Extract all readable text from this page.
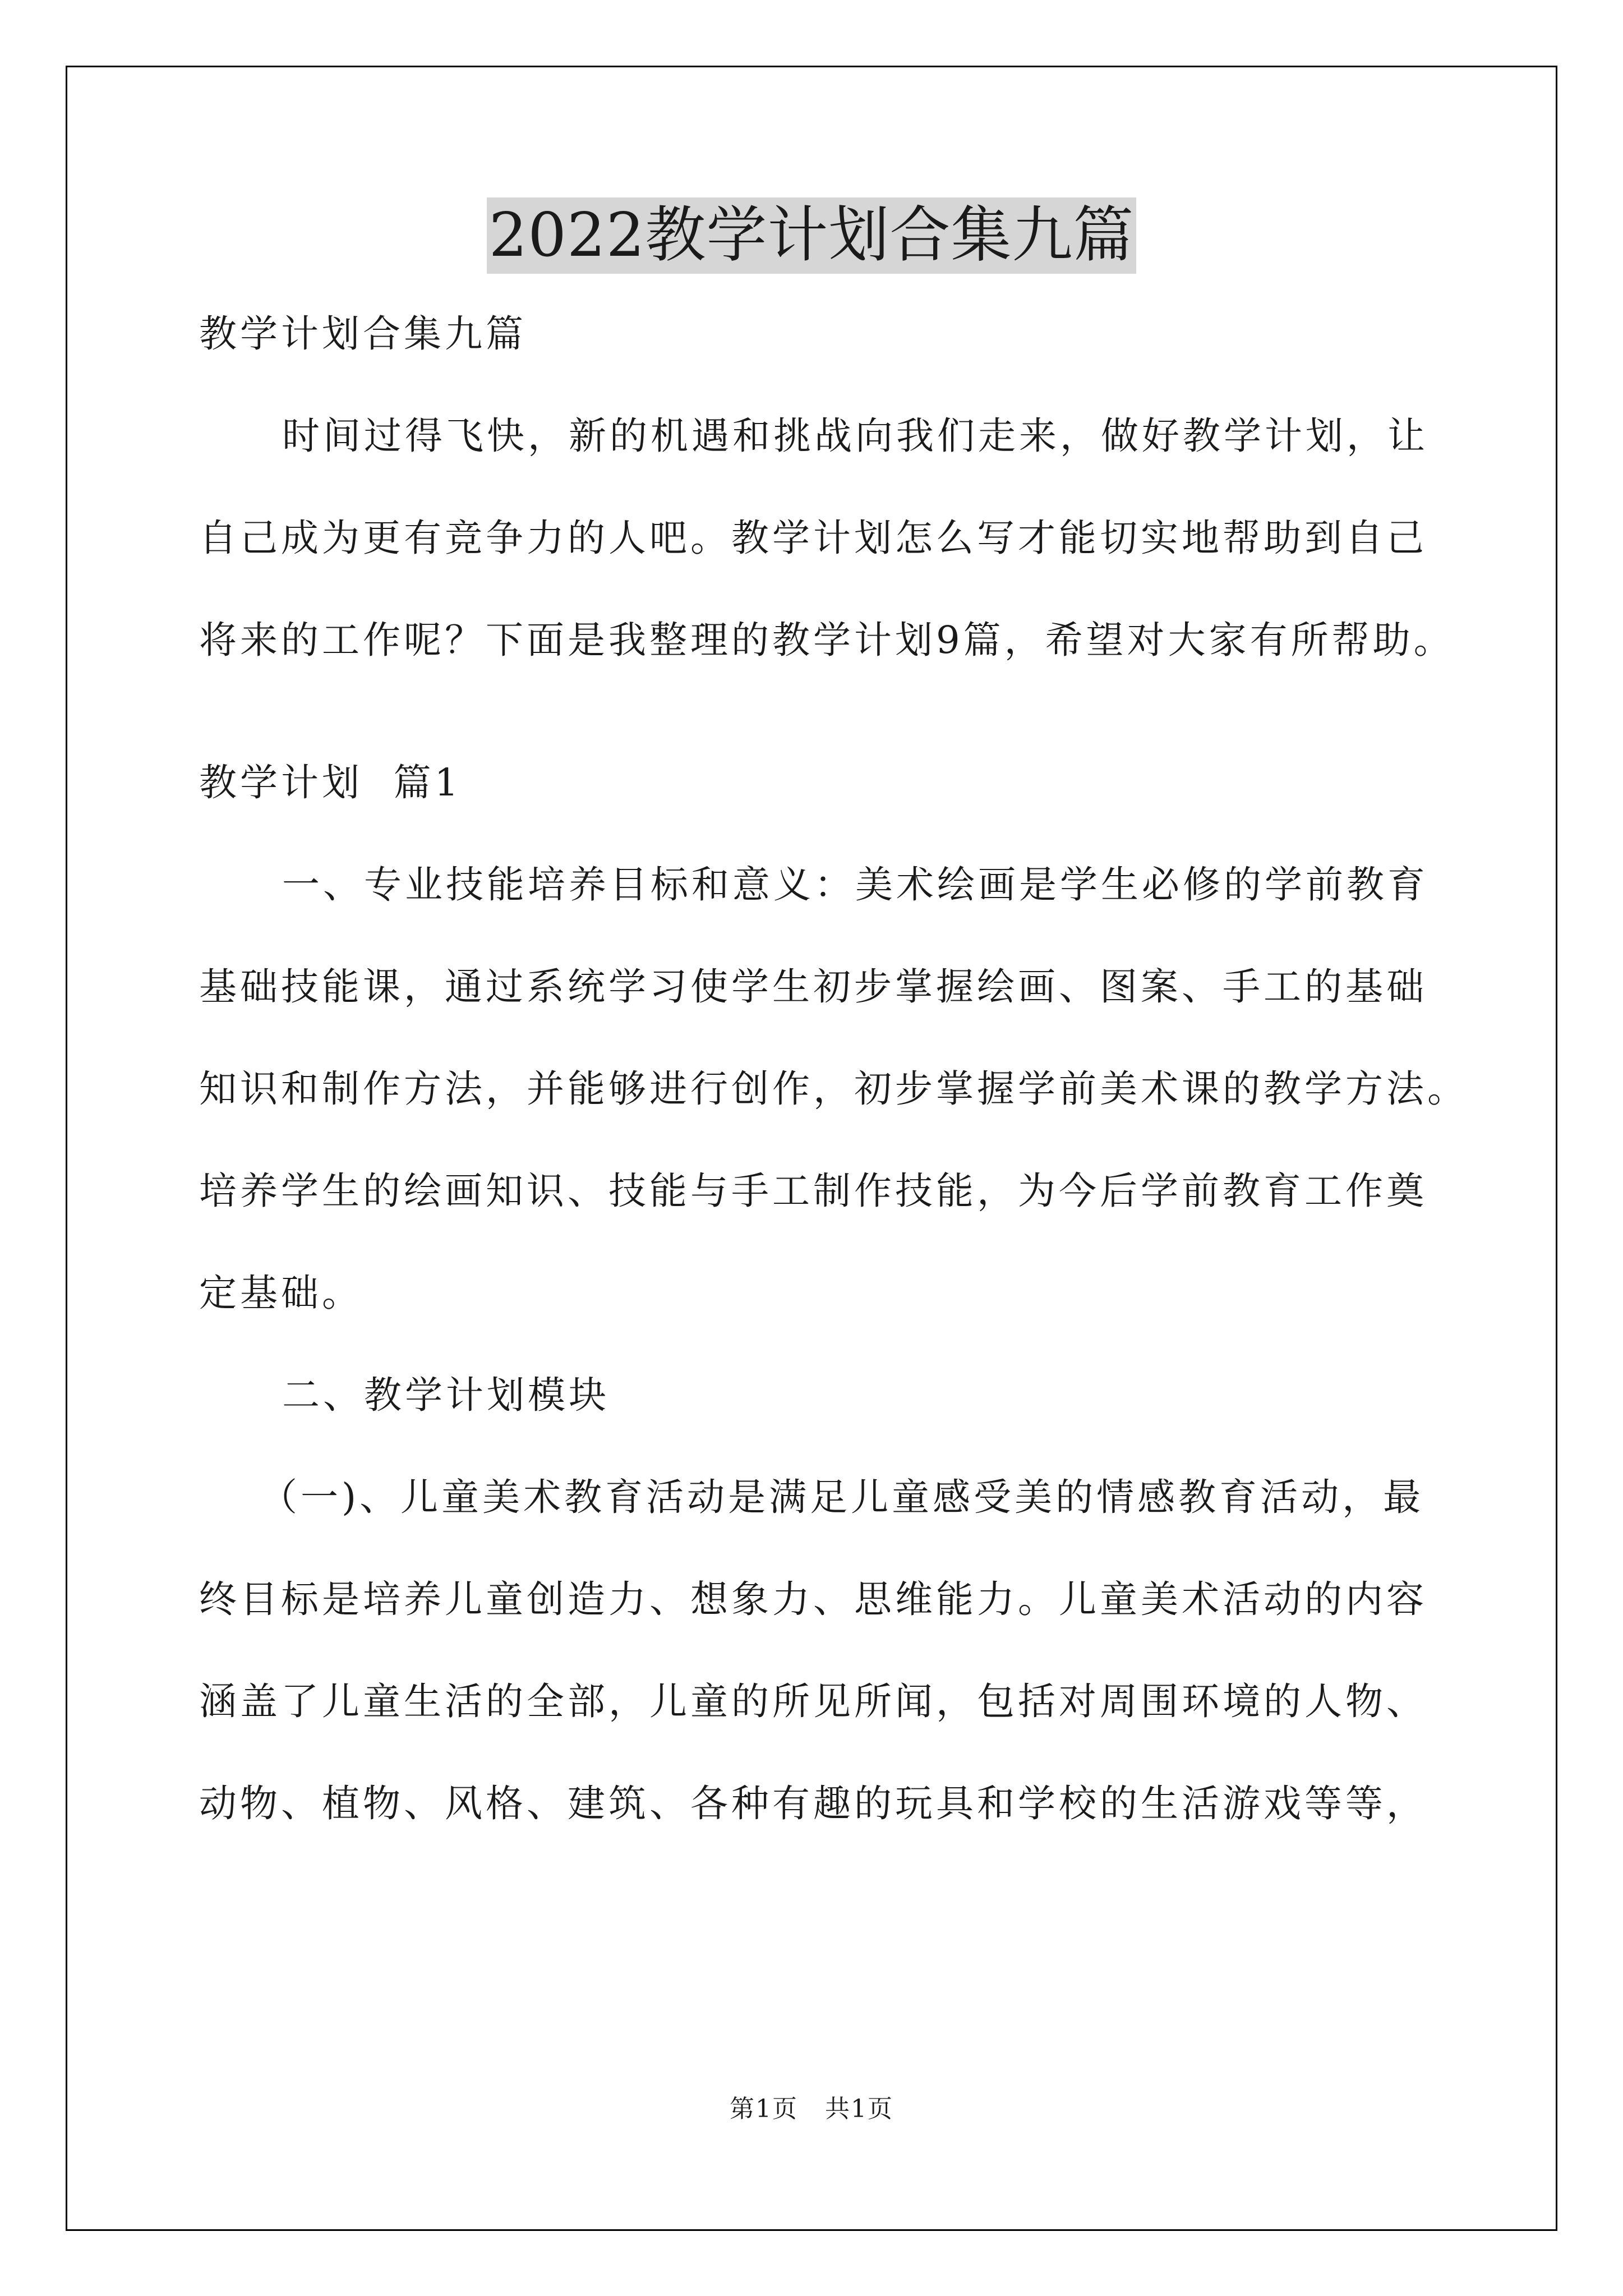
2022教学计划合集九篇
教学计划合集九篇
时间过得飞快，新的机遇和挑战向我们走来，做好教学计划，让
自己成为更有竞争力的人吧。教学计划怎么写才能切实地帮助到自己
将来的工作呢？下面是我整理的教学计划9篇，希望对大家有所帮助。
教学计划  篇1
一、专业技能培养目标和意义：美术绘画是学生必修的学前教育
基础技能课，通过系统学习使学生初步掌握绘画、图案、手工的基础
知识和制作方法，并能够进行创作，初步掌握学前美术课的教学方法。
培养学生的绘画知识、技能与手工制作技能，为今后学前教育工作奠
定基础。
二、教学计划模块
（一)、儿童美术教育活动是满足儿童感受美的情感教育活动，最
终目标是培养儿童创造力、想象力、思维能力。儿童美术活动的内容
涵盖了儿童生活的全部，儿童的所见所闻，包括对周围环境的人物、
动物、植物、风格、建筑、各种有趣的玩具和学校的生活游戏等等，
第1页   共1页
